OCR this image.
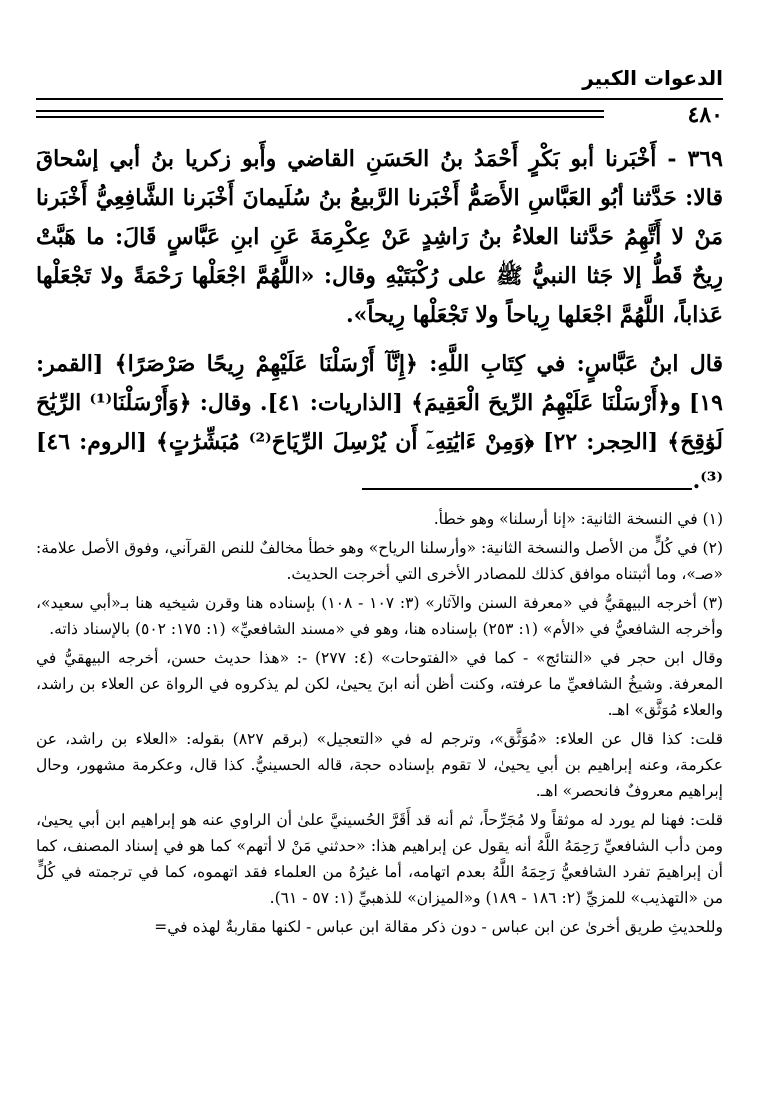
الدعوات الكبير
٤٨٠

٣٦٩ - أَخْبَرنا أبو بَكْرٍ أَحْمَدُ بنُ الحَسَنِ القاضي وأَبو زكريا بنُ أبي إسْحاقَ قالا: حَدَّثنا أبُو العَبَّاسِ الأَصَمُّ أَخْبَرنا الرَّبيعُ بنُ سُلَيمانَ أَخْبَرنا الشَّافِعِيُّ أَخْبَرنا مَنْ لا أَتَّهِمُ حَدَّثنا العلاءُ بنُ رَاشِدٍ عَنْ عِكْرِمَةَ عَنِ ابنِ عَبَّاسٍ قَالَ: ما هَبَّتْ رِيحٌ قَطُّ إلا جَثا النبيُّ ﷺ على رُكْبَتَيْهِ وقال: «اللَّهُمَّ اجْعَلْها رَحْمَةً ولا تَجْعَلْها عَذاباً، اللَّهُمَّ اجْعَلها رِياحاً ولا تَجْعَلْها رِيحاً».

قال ابنُ عَبَّاسٍ: في كِتَابِ اللَّهِ: ﴿إِنَّآ أَرْسَلْنَا عَلَيْهِمْ رِيحًا صَرْصَرًا﴾ [القمر: ١٩] و﴿أَرْسَلْنَا عَلَيْهِمُ الرِّيحَ الْعَقِيمَ﴾ [الذاريات: ٤١]. وقال: ﴿وَأَرْسَلْنَا⁽¹⁾ الرِّيَٰحَ لَوَٰقِحَ﴾ [الحِجر: ٢٢] ﴿وَمِنْ ءَايَٰتِهِۦٓ أَن يُرْسِلَ الرِّيَاحَ⁽²⁾ مُبَشِّرَٰتٍ﴾ [الروم: ٤٦]⁽³⁾.

(١) في النسخة الثانية: «إنا أرسلنا» وهو خطأ.

(٢) في كُلٍّ من الأصل والنسخة الثانية: «وأرسلنا الرياح» وهو خطأ مخالفٌ للنص القرآني، وفوق الأصل علامة: «صـ»، وما أثبتناه موافق كذلك للمصادر الأخرى التي أخرجت الحديث.

(٣) أخرجه البيهقيُّ في «معرفة السنن والآثار» (٣: ١٠٧ - ١٠٨) بإسناده هنا وقرن شيخيه هنا بـ«أبي سعيد»، وأخرجه الشافعيُّ في «الأم» (١: ٢٥٣) بإسناده هنا، وهو في «مسند الشافعيِّ» (١: ١٧٥: ٥٠٢) بالإسناد ذاته.

وقال ابن حجر في «النتائج» - كما في «الفتوحات» (٤: ٢٧٧) -: «هذا حديث حسن، أخرجه البيهقيُّ في المعرفة. وشيخُ الشافعيِّ ما عرفته، وكنت أظن أنه ابنَ يحيىٰ، لكن لم يذكروه في الرواة عن العلاء بن راشد، والعلاء مُوَثَّق» اهـ.

قلت: كذا قال عن العلاء: «مُوَثَّق»، وترجم له في «التعجيل» (برقم ٨٢٧) بقوله: «العلاء بن راشد، عن عكرمة، وعنه إبراهيم بن أبي يحيىٰ، لا تقوم بإسناده حجة، قاله الحسينيُّ. كذا قال، وعكرمة مشهور، وحال إبراهيم معروفٌ فانحصر» اهـ.

قلت: فهنا لم يورد له موثقاً ولا مُجَرِّحاً، ثم أنه قد أَقَرَّ الحُسينيَّ علىٰ أن الراوي عنه هو إبراهيم ابن أبي يحيىٰ، ومن دأب الشافعيِّ رَحِمَهُ اللَّهُ أنه يقول عن إبراهيم هذا: «حدثني مَنْ لا أتهم» كما هو في إسناد المصنف، كما أن إبراهيمَ تفرد الشافعيُّ رَحِمَهُ اللَّهُ بعدم اتهامه، أما غيرُهُ من العلماء فقد اتهموه، كما في ترجمته في كُلٍّ من «التهذيب» للمزيِّ (٢: ١٨٦ - ١٨٩) و«الميزان» للذهبيِّ (١: ٥٧ - ٦١).

وللحديثِ طريق أخرىٰ عن ابن عباس - دون ذكر مقالة ابن عباس - لكنها مقاربةٌ لهذه في=
